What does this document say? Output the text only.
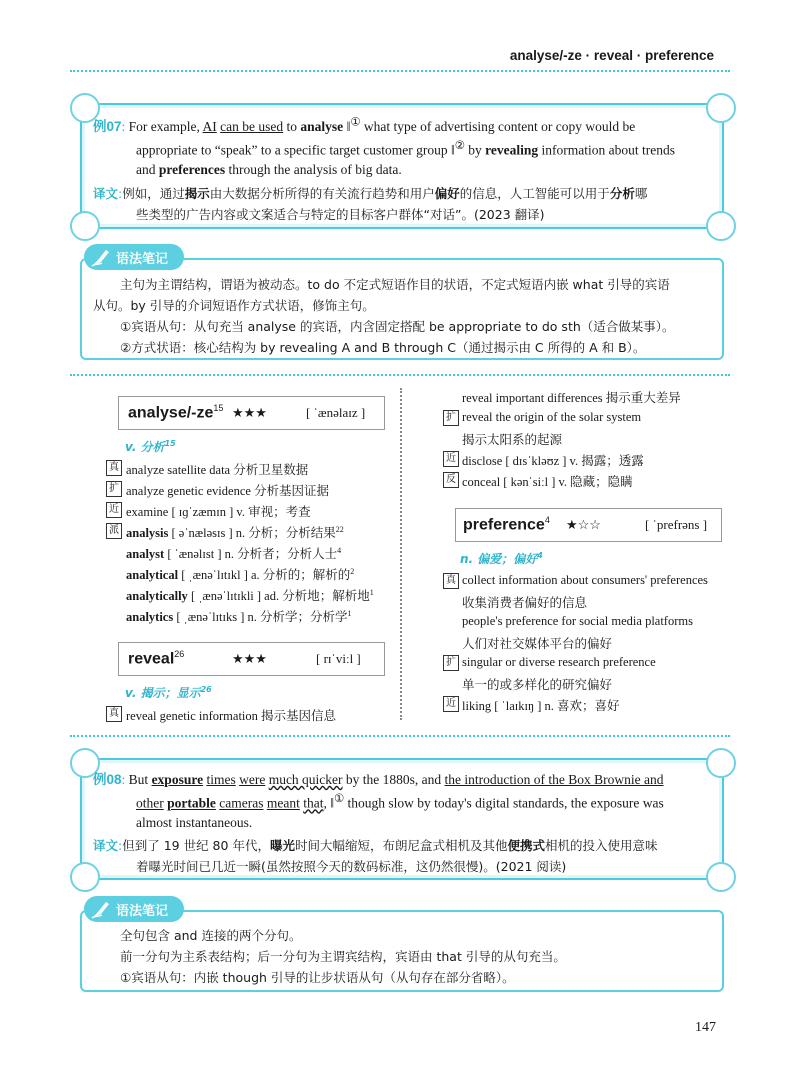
analyse/-ze · reveal · preference
例07: For example, AI can be used to analyse ‖① what type of advertising content or copy would be
appropriate to “speak” to a specific target customer group ‖② by revealing information about trends
and preferences through the analysis of big data.
译文:例如，通过揭示由大数据分析所得的有关流行趋势和用户偏好的信息，人工智能可以用于分析哪
些类型的广告内容或文案适合与特定的目标客户群体“对话”。(2023 翻译)
语法笔记
主句为主谓结构，谓语为被动态。to do 不定式短语作目的状语，不定式短语内嵌 what 引导的宾语
从句。by 引导的介词短语作方式状语，修饰主句。
①宾语从句：从句充当 analyse 的宾语，内含固定搭配 be appropriate to do sth（适合做某事）。
②方式状语：核心结构为 by revealing A and B through C（通过揭示由 C 所得的 A 和 B）。
analyse/$-ze^{15}$ ★★★	[ ˈænəlaɪz ]
v. 分析$^{15}$
真 analyze satellite data 分析卫星数据
扩 analyze genetic evidence 分析基因证据
近 examine [ ɪɡˈzæmɪn ] v. 审视；考查
派 analysis [ əˈnæləsɪs ] n. 分析；分析结果$^{22}$
analyst [ ˈænəlɪst ] n. 分析者；分析人士$^4$
analytical [ ˌænəˈlɪtɪkl ] a. 分析的；解析的$^2$
analytically [ ˌænəˈlɪtɪkli ] ad. 分析地；解析地$^1$
analytics [ ˌænəˈlɪtɪks ] n. 分析学；分析学$^1$
reveal$^{26}$	★★★	[ rɪˈviːl ]
v. 揭示；显示$^{26}$
真 reveal genetic information 揭示基因信息
reveal important differences 揭示重大差异
扩 reveal the origin of the solar system
揭示太阳系的起源
近 disclose [ dɪsˈkləʊz ] v. 揭露；透露
反 conceal [ kənˈsiːl ] v. 隐藏；隐瞒
preference$^4$ ★☆☆	[ ˈprefrəns ]
n. 偏爱；偏好$^4$
真 collect information about consumers' preferences
收集消费者偏好的信息
people's preference for social media platforms
人们对社交媒体平台的偏好
扩 singular or diverse research preference
单一的或多样化的研究偏好
近 liking [ ˈlaɪkɪŋ ] n. 喜欢；喜好
例08: But exposure times were much quicker by the 1880s, and the introduction of the Box Brownie and
other portable cameras meant that, ‖① though slow by today's digital standards, the exposure was
almost instantaneous.
译文:但到了 19 世纪 80 年代，曝光时间大幅缩短，布朗尼盒式相机及其他便携式相机的投入使用意味
着曝光时间已几近一瞬(虽然按照今天的数码标准，这仍然很慢)。(2021 阅读)
语法笔记
全句包含 and 连接的两个分句。
前一分句为主系表结构；后一分句为主谓宾结构，宾语由 that 引导的从句充当。
①宾语从句：内嵌 though 引导的让步状语从句（从句存在部分省略）。
147
